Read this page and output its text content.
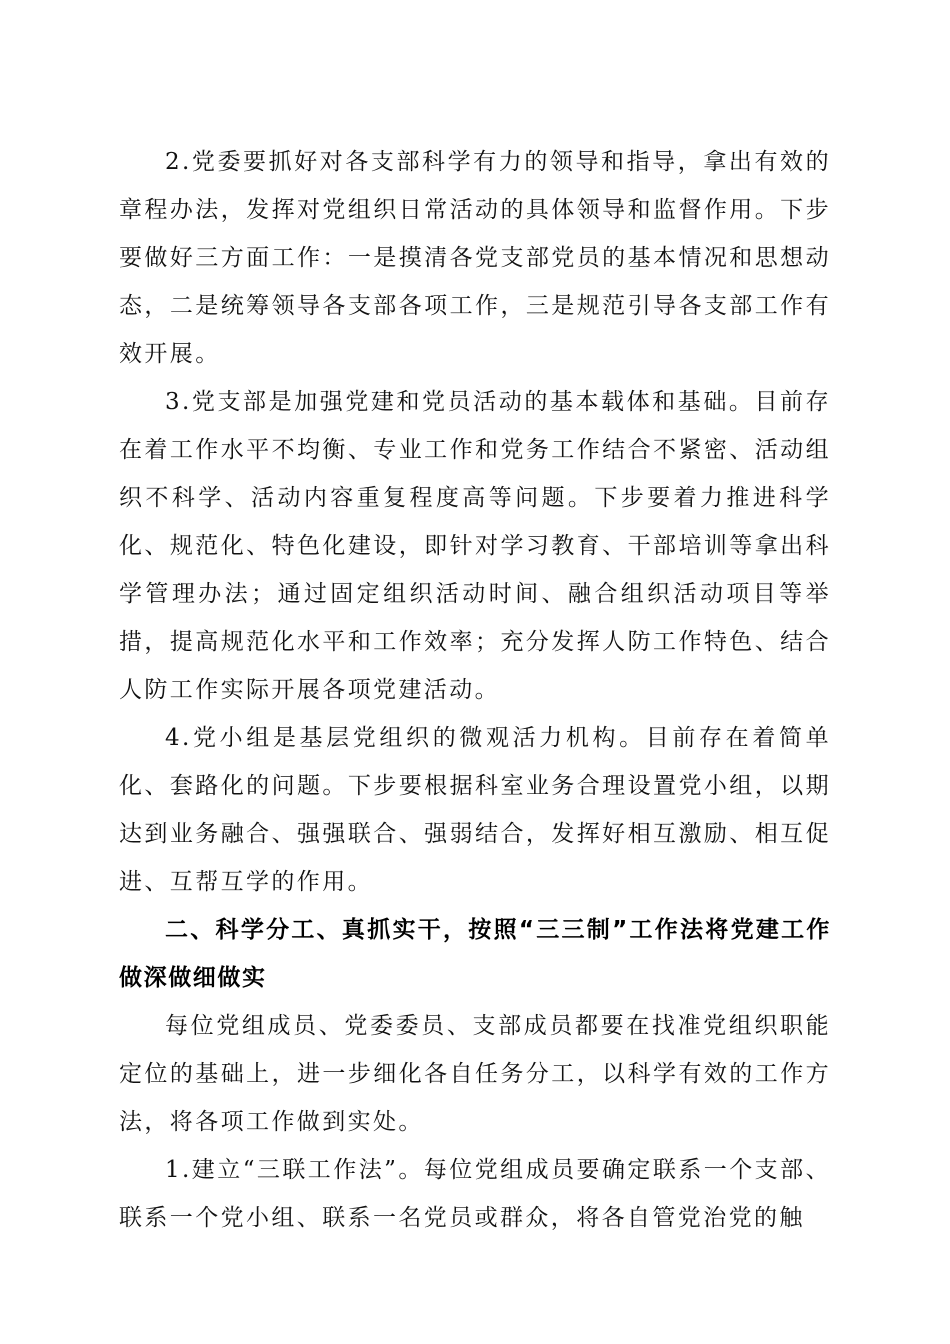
2.党委要抓好对各支部科学有力的领导和指导，拿出有效的章程办法，发挥对党组织日常活动的具体领导和监督作用。下步要做好三方面工作：一是摸清各党支部党员的基本情况和思想动态，二是统筹领导各支部各项工作，三是规范引导各支部工作有效开展。

3.党支部是加强党建和党员活动的基本载体和基础。目前存在着工作水平不均衡、专业工作和党务工作结合不紧密、活动组织不科学、活动内容重复程度高等问题。下步要着力推进科学化、规范化、特色化建设，即针对学习教育、干部培训等拿出科学管理办法；通过固定组织活动时间、融合组织活动项目等举措，提高规范化水平和工作效率；充分发挥人防工作特色、结合人防工作实际开展各项党建活动。

4.党小组是基层党组织的微观活力机构。目前存在着简单化、套路化的问题。下步要根据科室业务合理设置党小组，以期达到业务融合、强强联合、强弱结合，发挥好相互激励、相互促进、互帮互学的作用。

二、科学分工、真抓实干，按照“三三制”工作法将党建工作做深做细做实

每位党组成员、党委委员、支部成员都要在找准党组织职能定位的基础上，进一步细化各自任务分工，以科学有效的工作方法，将各项工作做到实处。

1.建立“三联工作法”。每位党组成员要确定联系一个支部、联系一个党小组、联系一名党员或群众，将各自管党治党的触
